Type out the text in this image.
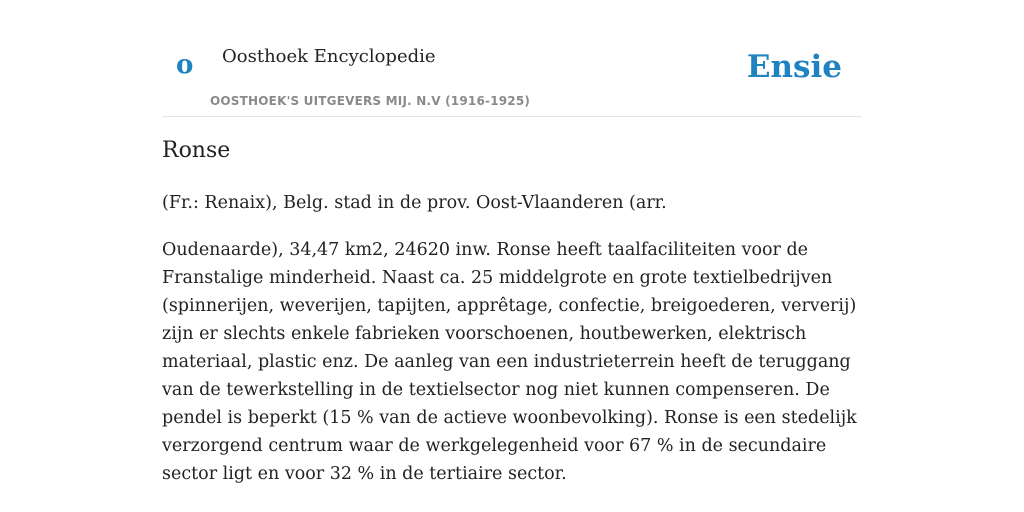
o Oosthoek Encyclopedie
OOSTHOEK'S UITGEVERS MIJ. N.V (1916-1925)
Ensie
Ronse

(Fr.: Renaix), Belg. stad in de prov. Oost-Vlaanderen (arr.

Oudenaarde), 34,47 km2, 24620 inw. Ronse heeft taalfaciliteiten voor de Franstalige minderheid. Naast ca. 25 middelgrote en grote textielbedrijven (spinnerijen, weverijen, tapijten, apprêtage, confectie, breigoederen, ververij) zijn er slechts enkele fabrieken voorschoenen, houtbewerken, elektrisch materiaal, plastic enz. De aanleg van een industrieterrein heeft de teruggang van de tewerkstelling in de textielsector nog niet kunnen compenseren. De pendel is beperkt (15 % van de actieve woonbevolking). Ronse is een stedelijk verzorgend centrum waar de werkgelegenheid voor 67 % in de secundaire sector ligt en voor 32 % in de tertiaire sector.
